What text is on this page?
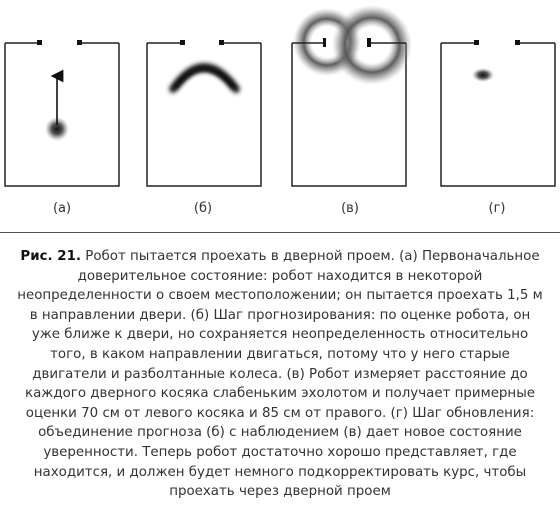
(а)	(б)	(в)	(г)
Рис. 21. Робот пытается проехать в дверной проем. (а) Первоначальное доверительное состояние: робот находится в некоторой неопределенности о своем местоположении; он пытается проехать 1,5 м в направлении двери. (б) Шаг прогнозирования: по оценке робота, он уже ближе к двери, но сохраняется неопределенность относительно того, в каком направлении двигаться, потому что у него старые двигатели и разболтанные колеса. (в) Робот измеряет расстояние до каждого дверного косяка слабеньким эхолотом и получает примерные оценки 70 см от левого косяка и 85 см от правого. (г) Шаг обновления: объединение прогноза (б) с наблюдением (в) дает новое состояние уверенности. Теперь робот достаточно хорошо представляет, где находится, и должен будет немного подкорректировать курс, чтобы проехать через дверной проем
